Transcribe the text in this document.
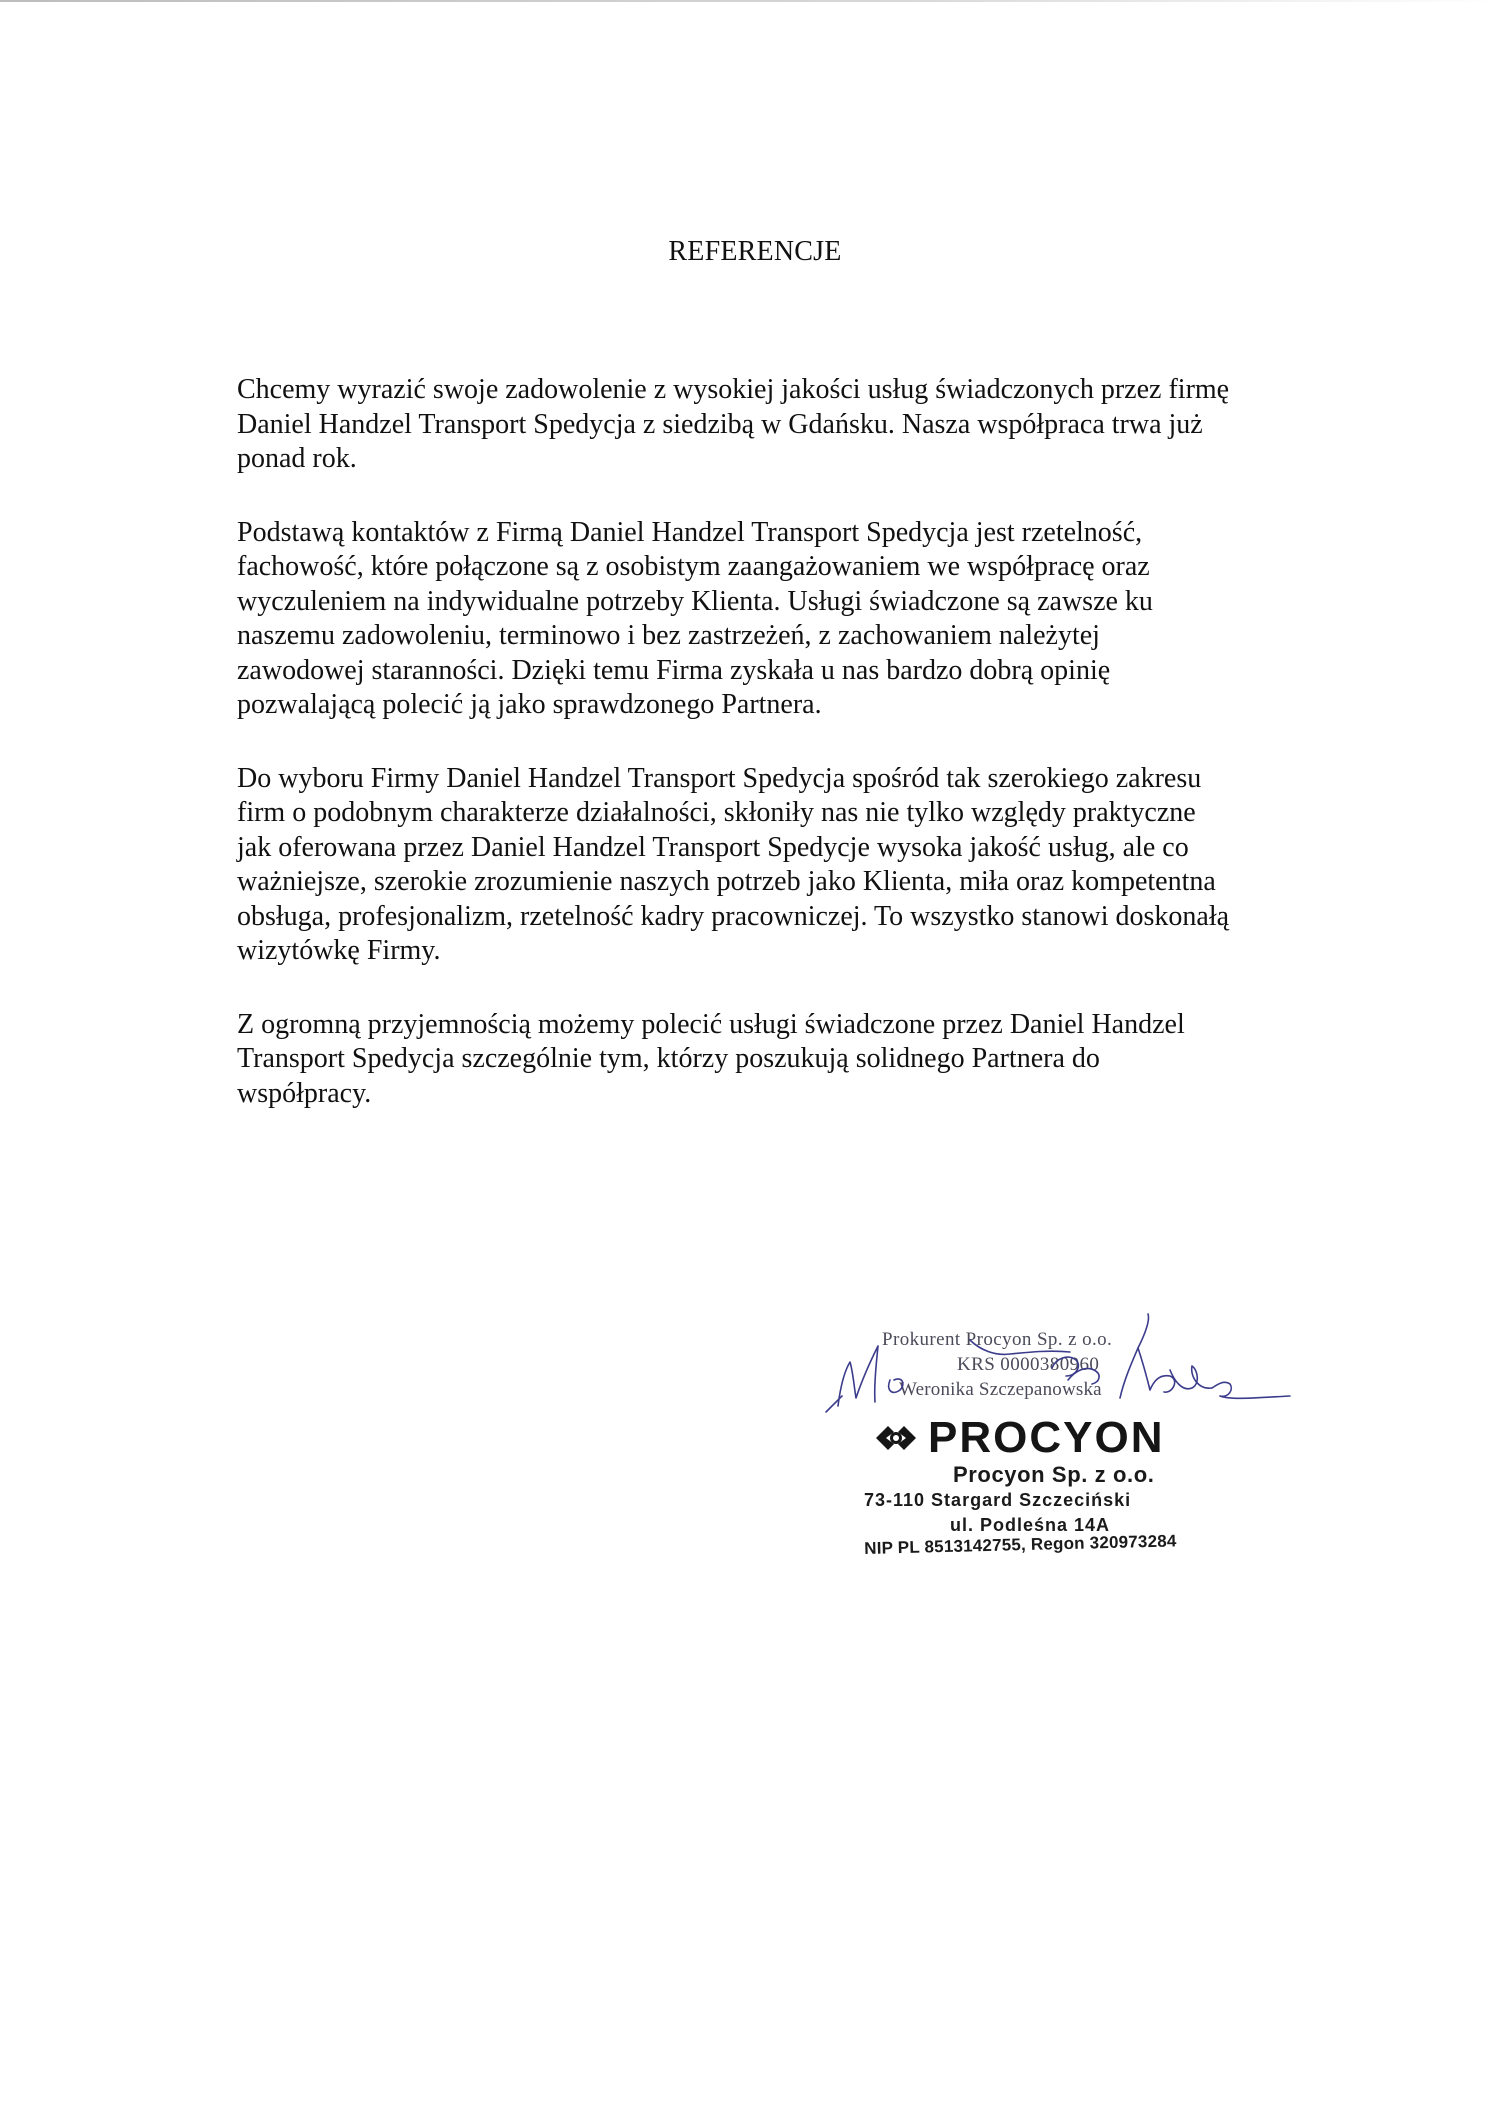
REFERENCJE

Chcemy wyrazić swoje zadowolenie z wysokiej jakości usług świadczonych przez firmę
Daniel Handzel Transport Spedycja z siedzibą w Gdańsku. Nasza współpraca trwa już
ponad rok.

Podstawą kontaktów z Firmą Daniel Handzel Transport Spedycja jest rzetelność,
fachowość, które połączone są z osobistym zaangażowaniem we współpracę oraz
wyczuleniem na indywidualne potrzeby Klienta. Usługi świadczone są zawsze ku
naszemu zadowoleniu, terminowo i bez zastrzeżeń, z zachowaniem należytej
zawodowej staranności. Dzięki temu Firma zyskała u nas bardzo dobrą opinię
pozwalającą polecić ją jako sprawdzonego Partnera.

Do wyboru Firmy Daniel Handzel Transport Spedycja spośród tak szerokiego zakresu
firm o podobnym charakterze działalności, skłoniły nas nie tylko względy praktyczne
jak oferowana przez Daniel Handzel Transport Spedycje wysoka jakość usług, ale co
ważniejsze, szerokie zrozumienie naszych potrzeb jako Klienta, miła oraz kompetentna
obsługa, profesjonalizm, rzetelność kadry pracowniczej. To wszystko stanowi doskonałą
wizytówkę Firmy.

Z ogromną przyjemnością możemy polecić usługi świadczone przez Daniel Handzel
Transport Spedycja szczególnie tym, którzy poszukują solidnego Partnera do
współpracy.

Prokurent Procyon Sp. z o.o.
KRS 0000380960
Weronika Szczepanowska
PROCYON
Procyon Sp. z o.o.
73-110 Stargard Szczeciński
ul. Podleśna 14A
NIP PL 8513142755, Regon 320973284
